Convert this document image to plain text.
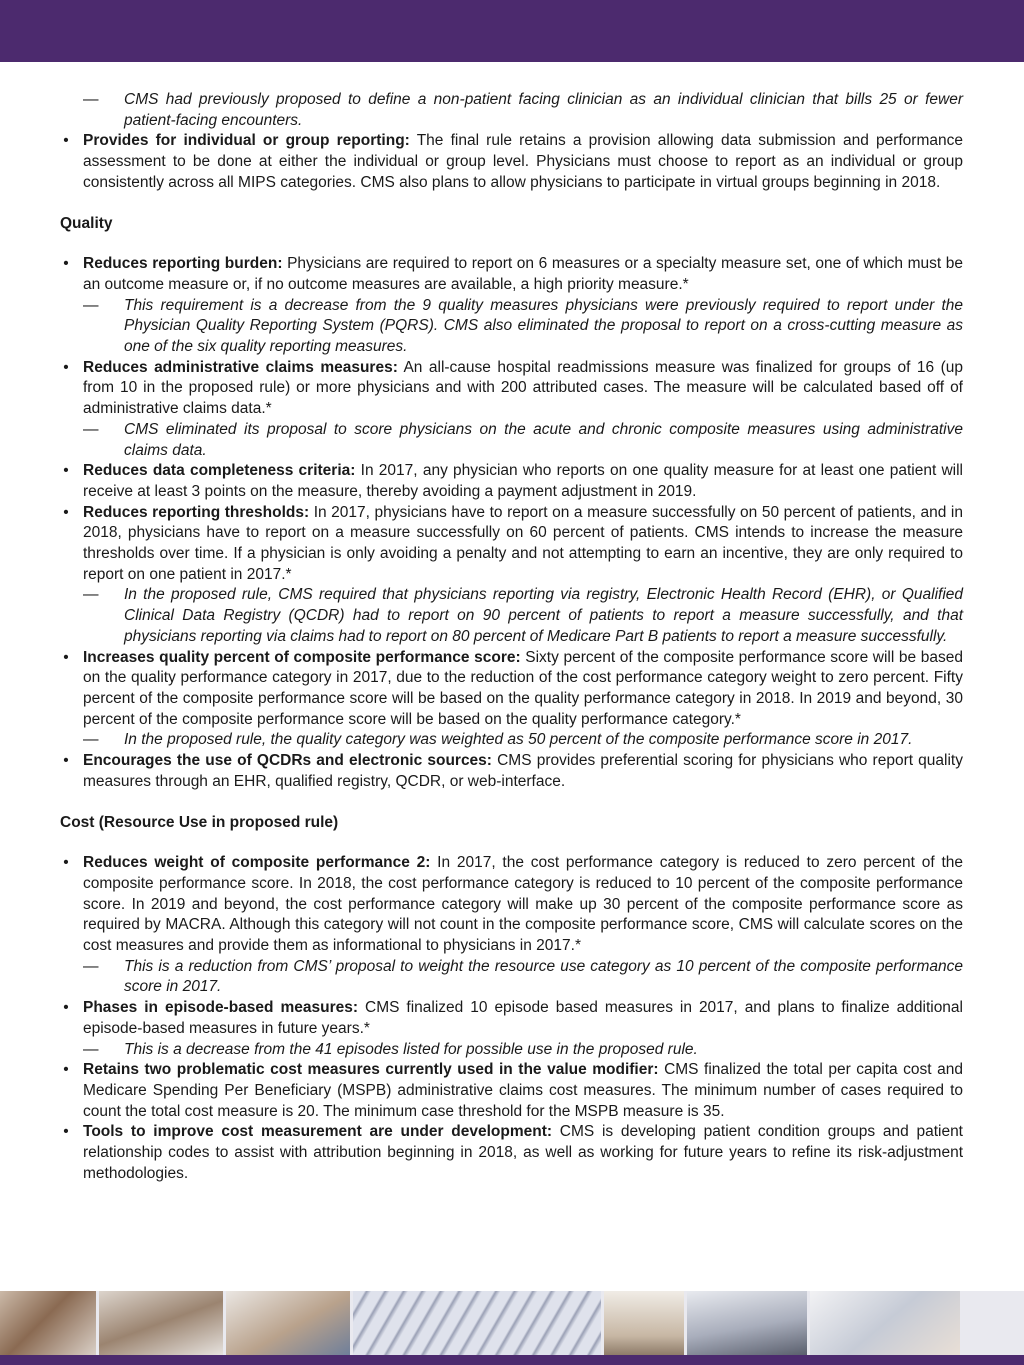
— CMS had previously proposed to define a non-patient facing clinician as an individual clinician that bills 25 or fewer patient-facing encounters.
• Provides for individual or group reporting: The final rule retains a provision allowing data submission and performance assessment to be done at either the individual or group level. Physicians must choose to report as an individual or group consistently across all MIPS categories. CMS also plans to allow physicians to participate in virtual groups beginning in 2018.
Quality
• Reduces reporting burden: Physicians are required to report on 6 measures or a specialty measure set, one of which must be an outcome measure or, if no outcome measures are available, a high priority measure.*
— This requirement is a decrease from the 9 quality measures physicians were previously required to report under the Physician Quality Reporting System (PQRS). CMS also eliminated the proposal to report on a cross-cutting measure as one of the six quality reporting measures.
• Reduces administrative claims measures: An all-cause hospital readmissions measure was finalized for groups of 16 (up from 10 in the proposed rule) or more physicians and with 200 attributed cases. The measure will be calculated based off of administrative claims data.*
— CMS eliminated its proposal to score physicians on the acute and chronic composite measures using administrative claims data.
• Reduces data completeness criteria: In 2017, any physician who reports on one quality measure for at least one patient will receive at least 3 points on the measure, thereby avoiding a payment adjustment in 2019.
• Reduces reporting thresholds: In 2017, physicians have to report on a measure successfully on 50 percent of patients, and in 2018, physicians have to report on a measure successfully on 60 percent of patients. CMS intends to increase the measure thresholds over time. If a physician is only avoiding a penalty and not attempting to earn an incentive, they are only required to report on one patient in 2017.*
— In the proposed rule, CMS required that physicians reporting via registry, Electronic Health Record (EHR), or Qualified Clinical Data Registry (QCDR) had to report on 90 percent of patients to report a measure successfully, and that physicians reporting via claims had to report on 80 percent of Medicare Part B patients to report a measure successfully.
• Increases quality percent of composite performance score: Sixty percent of the composite performance score will be based on the quality performance category in 2017, due to the reduction of the cost performance category weight to zero percent. Fifty percent of the composite performance score will be based on the quality performance category in 2018. In 2019 and beyond, 30 percent of the composite performance score will be based on the quality performance category.*
— In the proposed rule, the quality category was weighted as 50 percent of the composite performance score in 2017.
• Encourages the use of QCDRs and electronic sources: CMS provides preferential scoring for physicians who report quality measures through an EHR, qualified registry, QCDR, or web-interface.
Cost (Resource Use in proposed rule)
• Reduces weight of composite performance 2: In 2017, the cost performance category is reduced to zero percent of the composite performance score. In 2018, the cost performance category is reduced to 10 percent of the composite performance score. In 2019 and beyond, the cost performance category will make up 30 percent of the composite performance score as required by MACRA. Although this category will not count in the composite performance score, CMS will calculate scores on the cost measures and provide them as informational to physicians in 2017.*
— This is a reduction from CMS’ proposal to weight the resource use category as 10 percent of the composite performance score in 2017.
• Phases in episode-based measures: CMS finalized 10 episode based measures in 2017, and plans to finalize additional episode-based measures in future years.*
— This is a decrease from the 41 episodes listed for possible use in the proposed rule.
• Retains two problematic cost measures currently used in the value modifier: CMS finalized the total per capita cost and Medicare Spending Per Beneficiary (MSPB) administrative claims cost measures. The minimum number of cases required to count the total cost measure is 20. The minimum case threshold for the MSPB measure is 35.
• Tools to improve cost measurement are under development: CMS is developing patient condition groups and patient relationship codes to assist with attribution beginning in 2018, as well as working for future years to refine its risk-adjustment methodologies.
